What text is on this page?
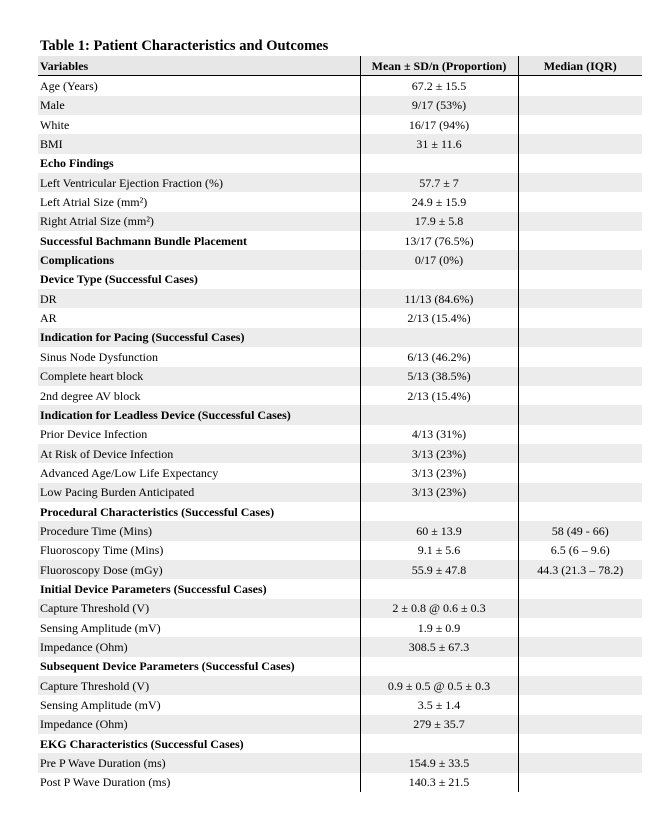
Table 1: Patient Characteristics and Outcomes
Variables	Mean ± SD/n (Proportion)	Median (IQR)
Age (Years)	67.2 ± 15.5	
Male	9/17 (53%)	
White	16/17 (94%)	
BMI	31 ± 11.6	
Echo Findings		
Left Ventricular Ejection Fraction (%)	57.7 ± 7	
Left Atrial Size (mm²)	24.9 ± 15.9	
Right Atrial Size (mm²)	17.9 ± 5.8	
Successful Bachmann Bundle Placement	13/17 (76.5%)	
Complications	0/17 (0%)	
Device Type (Successful Cases)		
DR	11/13 (84.6%)	
AR	2/13 (15.4%)	
Indication for Pacing (Successful Cases)		
Sinus Node Dysfunction	6/13 (46.2%)	
Complete heart block	5/13 (38.5%)	
2nd degree AV block	2/13 (15.4%)	
Indication for Leadless Device (Successful Cases)		
Prior Device Infection	4/13 (31%)	
At Risk of Device Infection	3/13 (23%)	
Advanced Age/Low Life Expectancy	3/13 (23%)	
Low Pacing Burden Anticipated	3/13 (23%)	
Procedural Characteristics (Successful Cases)		
Procedure Time (Mins)	60 ± 13.9	58 (49 - 66)
Fluoroscopy Time (Mins)	9.1 ± 5.6	6.5 (6 – 9.6)
Fluoroscopy Dose (mGy)	55.9 ± 47.8	44.3 (21.3 – 78.2)
Initial Device Parameters (Successful Cases)		
Capture Threshold (V)	2 ± 0.8 @ 0.6 ± 0.3	
Sensing Amplitude (mV)	1.9 ± 0.9	
Impedance (Ohm)	308.5 ± 67.3	
Subsequent Device Parameters (Successful Cases)		
Capture Threshold (V)	0.9 ± 0.5 @ 0.5 ± 0.3	
Sensing Amplitude (mV)	3.5 ± 1.4	
Impedance (Ohm)	279 ± 35.7	
EKG Characteristics (Successful Cases)		
Pre P Wave Duration (ms)	154.9 ± 33.5	
Post P Wave Duration (ms)	140.3 ± 21.5	
